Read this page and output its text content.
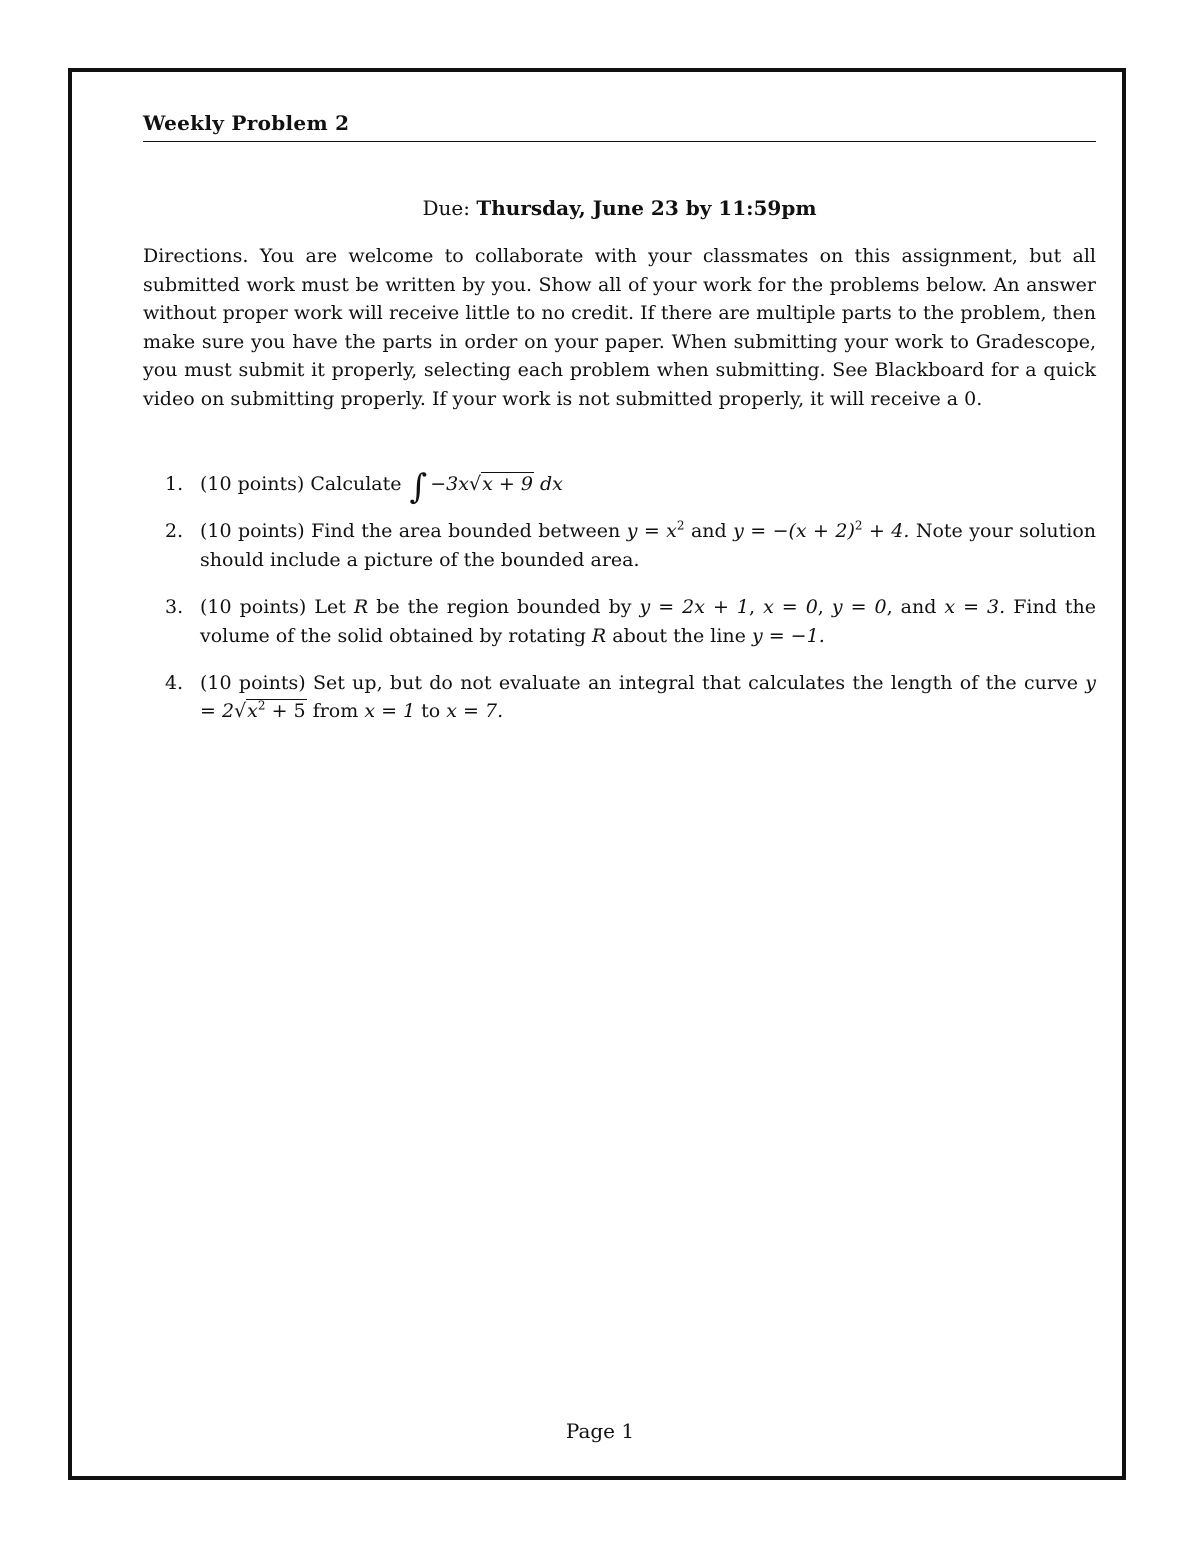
Weekly Problem 2
Due: Thursday, June 23 by 11:59pm
Directions. You are welcome to collaborate with your classmates on this assignment, but all submitted work must be written by you. Show all of your work for the problems below. An answer without proper work will receive little to no credit. If there are multiple parts to the problem, then make sure you have the parts in order on your paper. When submitting your work to Gradescope, you must submit it properly, selecting each problem when submitting. See Blackboard for a quick video on submitting properly. If your work is not submitted properly, it will receive a 0.
1. (10 points) Calculate ∫ −3x√x + 9 dx
2. (10 points) Find the area bounded between $y = x^2$ and $y = -(x + 2)^2 + 4$. Note your solution should include a picture of the bounded area.
3. (10 points) Let R be the region bounded by y = 2x + 1, x = 0, y = 0, and x = 3. Find the volume of the solid obtained by rotating R about the line y = −1.
4. (10 points) Set up, but do not evaluate an integral that calculates the length of the curve $y = 2√x^2 + 5$ from x = 1 to x = 7.
Page 1
